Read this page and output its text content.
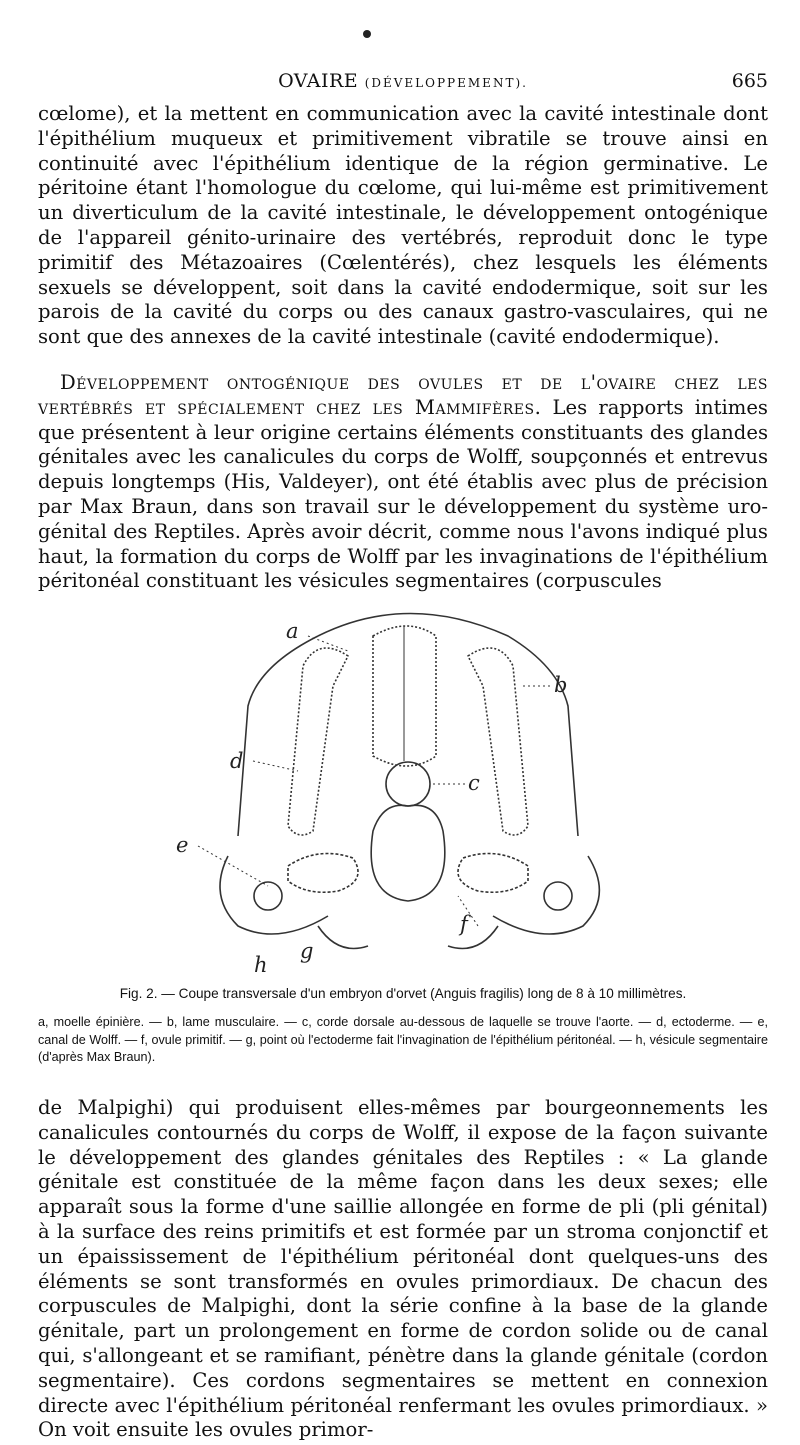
OVAIRE (DÉVELOPPEMENT).	665
cœlome), et la mettent en communication avec la cavité intestinale dont l'épithélium muqueux et primitivement vibratile se trouve ainsi en continuité avec l'épithélium identique de la région germinative. Le péritoine étant l'homologue du cœlome, qui lui-même est primitivement un diverticulum de la cavité intestinale, le développement ontogénique de l'appareil génito-urinaire des vertébrés, reproduit donc le type primitif des Métazoaires (Cœlentérés), chez lesquels les éléments sexuels se développent, soit dans la cavité endodermique, soit sur les parois de la cavité du corps ou des canaux gastro-vasculaires, qui ne sont que des annexes de la cavité intestinale (cavité endodermique).
Développement ontogénique des ovules et de l'ovaire chez les vertébrés et spécialement chez les Mammifères. Les rapports intimes que présentent à leur origine certains éléments constituants des glandes génitales avec les canalicules du corps de Wolff, soupçonnés et entrevus depuis longtemps (His, Valdeyer), ont été établis avec plus de précision par Max Braun, dans son travail sur le développement du système uro-génital des Reptiles. Après avoir décrit, comme nous l'avons indiqué plus haut, la formation du corps de Wolff par les invaginations de l'épithélium péritonéal constituant les vésicules segmentaires (corpuscules
a
b
c
d
e
f
g
h
Fig. 2. — Coupe transversale d'un embryon d'orvet (Anguis fragilis) long de 8 à 10 millimètres.
a, moelle épinière. — b, lame musculaire. — c, corde dorsale au-dessous de laquelle se trouve l'aorte. — d, ectoderme. — e, canal de Wolff. — f, ovule primitif. — g, point où l'ectoderme fait l'invagination de l'épithélium péritonéal. — h, vésicule segmentaire (d'après Max Braun).
de Malpighi) qui produisent elles-mêmes par bourgeonnements les canalicules contournés du corps de Wolff, il expose de la façon suivante le développement des glandes génitales des Reptiles : « La glande génitale est constituée de la même façon dans les deux sexes; elle apparaît sous la forme d'une saillie allongée en forme de pli (pli génital) à la surface des reins primitifs et est formée par un stroma conjonctif et un épaississement de l'épithélium péritonéal dont quelques-uns des éléments se sont transformés en ovules primordiaux. De chacun des corpuscules de Malpighi, dont la série confine à la base de la glande génitale, part un prolongement en forme de cordon solide ou de canal qui, s'allongeant et se ramifiant, pénètre dans la glande génitale (cordon segmentaire). Ces cordons segmentaires se mettent en connexion directe avec l'épithélium péritonéal renfermant les ovules primordiaux. » On voit ensuite les ovules primor-
